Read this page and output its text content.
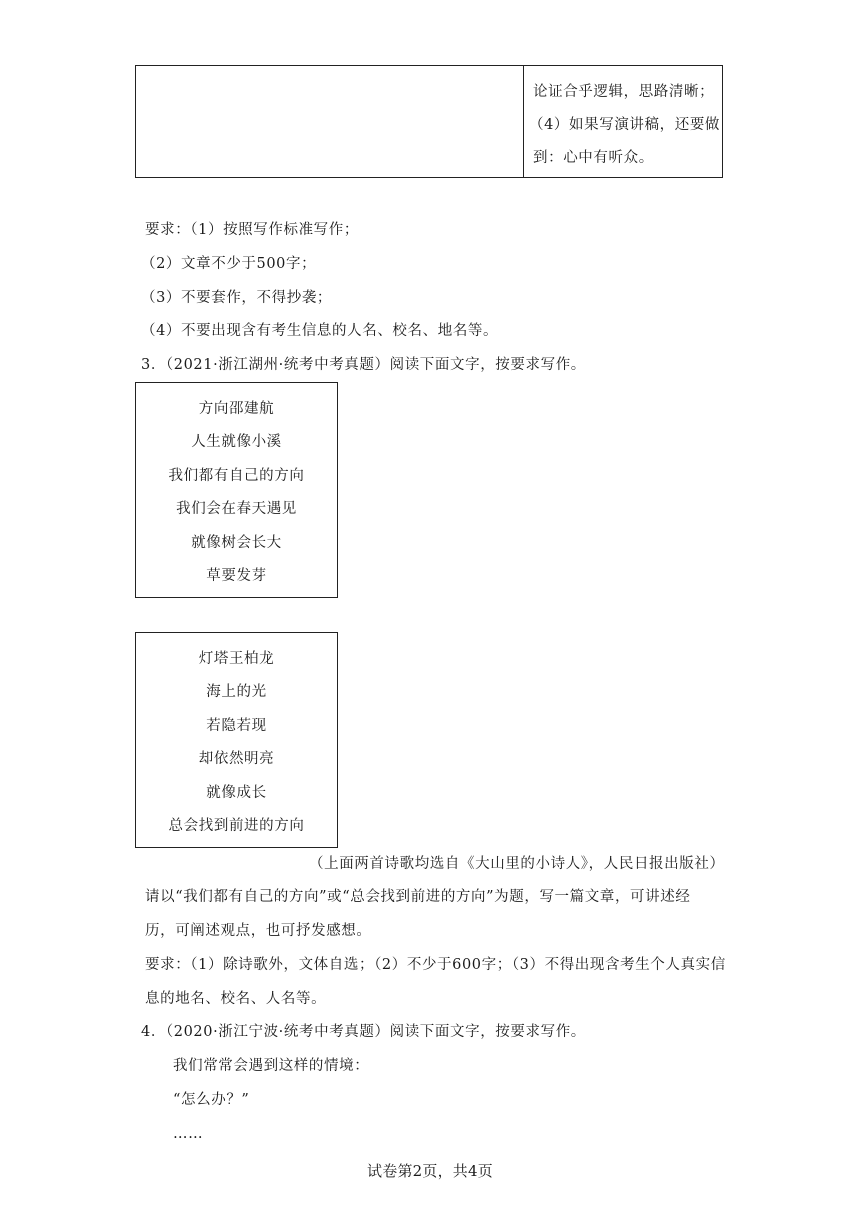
论证合乎逻辑，思路清晰；
（4）如果写演讲稿，还要做
到：心中有听众。
要求：（1）按照写作标准写作；
（2）文章不少于500字；
（3）不要套作，不得抄袭；
（4）不要出现含有考生信息的人名、校名、地名等。
3．（2021·浙江湖州·统考中考真题）阅读下面文字，按要求写作。
方向邵建航
人生就像小溪
我们都有自己的方向
我们会在春天遇见
就像树会长大
草要发芽
灯塔王柏龙
海上的光
若隐若现
却依然明亮
就像成长
总会找到前进的方向
（上面两首诗歌均选自《大山里的小诗人》，人民日报出版社）
请以“我们都有自己的方向”或“总会找到前进的方向”为题，写一篇文章，可讲述经
历，可阐述观点，也可抒发感想。
要求：（1）除诗歌外，文体自选；（2）不少于600字；（3）不得出现含考生个人真实信
息的地名、校名、人名等。
4．（2020·浙江宁波·统考中考真题）阅读下面文字，按要求写作。
我们常常会遇到这样的情境：
“怎么办？”
……
试卷第2页，共4页
